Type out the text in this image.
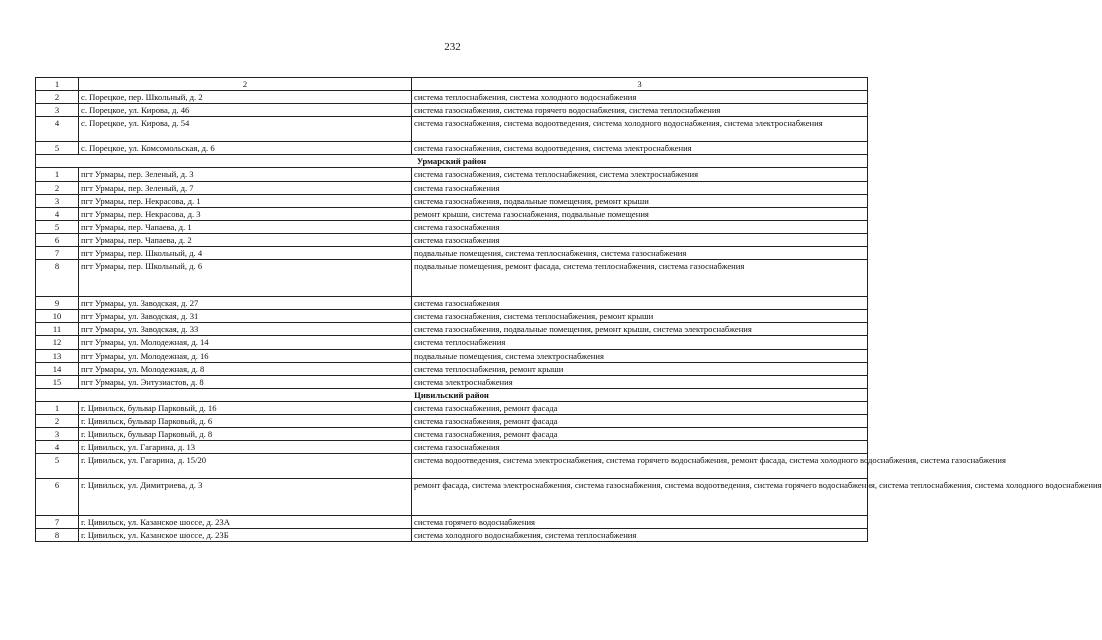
232
1	2	3
2	с. Порецкое, пер. Школьный, д. 2	система теплоснабжения, система холодного водоснабжения
3	с. Порецкое, ул. Кирова, д. 46	система газоснабжения, система горячего водоснабжения, система теплоснабжения
4	с. Порецкое, ул. Кирова, д. 54	система газоснабжения, система водоотведения, система холодного водоснабжения, система электроснабжения
5	с. Порецкое, ул. Комсомольская, д. 6	система газоснабжения, система водоотведения, система электроснабжения
Урмарский район		
1	пгт Урмары, пер. Зеленый, д. 3	система газоснабжения, система теплоснабжения, система электроснабжения
2	пгт Урмары, пер. Зеленый, д. 7	система газоснабжения
3	пгт Урмары, пер. Некрасова, д. 1	система газоснабжения, подвальные помещения, ремонт крыши
4	пгт Урмары, пер. Некрасова, д. 3	ремонт крыши, система газоснабжения, подвальные помещения
5	пгт Урмары, пер. Чапаева, д. 1	система газоснабжения
6	пгт Урмары, пер. Чапаева, д. 2	система газоснабжения
7	пгт Урмары, пер. Школьный, д. 4	подвальные помещения, система теплоснабжения, система газоснабжения
8	пгт Урмары, пер. Школьный, д. 6	подвальные помещения, ремонт фасада, система теплоснабжения, система газоснабжения
9	пгт Урмары, ул. Заводская, д. 27	система газоснабжения
10	пгт Урмары, ул. Заводская, д. 31	система газоснабжения, система теплоснабжения, ремонт крыши
11	пгт Урмары, ул. Заводская, д. 33	система газоснабжения, подвальные помещения, ремонт крыши, система электроснабжения
12	пгт Урмары, ул. Молодежная, д. 14	система теплоснабжения
13	пгт Урмары, ул. Молодежная, д. 16	подвальные помещения, система электроснабжения
14	пгт Урмары, ул. Молодежная, д. 8	система теплоснабжения, ремонт крыши
15	пгт Урмары, ул. Энтузиастов, д. 8	система электроснабжения
Цивильский район		
1	г. Цивильск, бульвар Парковый, д. 16	система газоснабжения, ремонт фасада
2	г. Цивильск, бульвар Парковый, д. 6	система газоснабжения, ремонт фасада
3	г. Цивильск, бульвар Парковый, д. 8	система газоснабжения, ремонт фасада
4	г. Цивильск, ул. Гагарина, д. 13	система газоснабжения
5	г. Цивильск, ул. Гагарина, д. 15/20	система водоотведения, система электроснабжения, система горячего водоснабжения, ремонт фасада, система холодного водоснабжения, система газоснабжения
6	г. Цивильск, ул. Димитриева, д. 3	ремонт фасада, система электроснабжения, система газоснабжения, система водоотведения, система горячего водоснабжения, система теплоснабжения, система холодного водоснабжения
7	г. Цивильск, ул. Казанское шоссе, д. 23А	система горячего водоснабжения
8	г. Цивильск, ул. Казанское шоссе, д. 23Б	система холодного водоснабжения, система теплоснабжения
